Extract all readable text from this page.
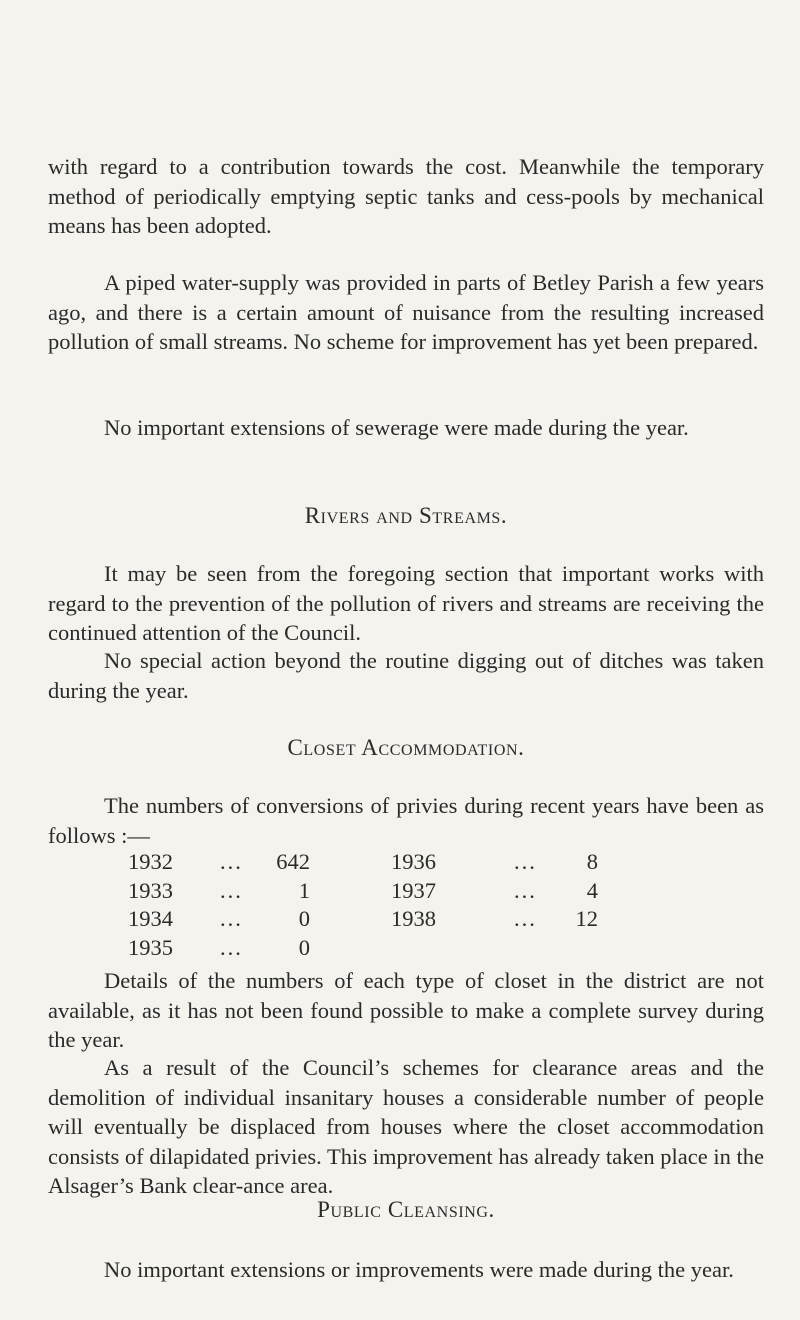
with regard to a contribution towards the cost. Meanwhile the temporary method of periodically emptying septic tanks and cess-pools by mechanical means has been adopted.

A piped water-supply was provided in parts of Betley Parish a few years ago, and there is a certain amount of nuisance from the resulting increased pollution of small streams. No scheme for improvement has yet been prepared.

No important extensions of sewerage were made during the year.

Rivers and Streams.

It may be seen from the foregoing section that important works with regard to the prevention of the pollution of rivers and streams are receiving the continued attention of the Council.

No special action beyond the routine digging out of ditches was taken during the year.

Closet Accommodation.

The numbers of conversions of privies during recent years have been as follows :—

1932 ...	642	1936	...	8
1933 ...	1	1937	...	4
1934 ...	0	1938	...	12
1935 ...	0

Details of the numbers of each type of closet in the district are not available, as it has not been found possible to make a complete survey during the year.

As a result of the Council’s schemes for clearance areas and the demolition of individual insanitary houses a considerable number of people will eventually be displaced from houses where the closet accommodation consists of dilapidated privies. This improvement has already taken place in the Alsager’s Bank clear-ance area.

Public Cleansing.

No important extensions or improvements were made during the year.
